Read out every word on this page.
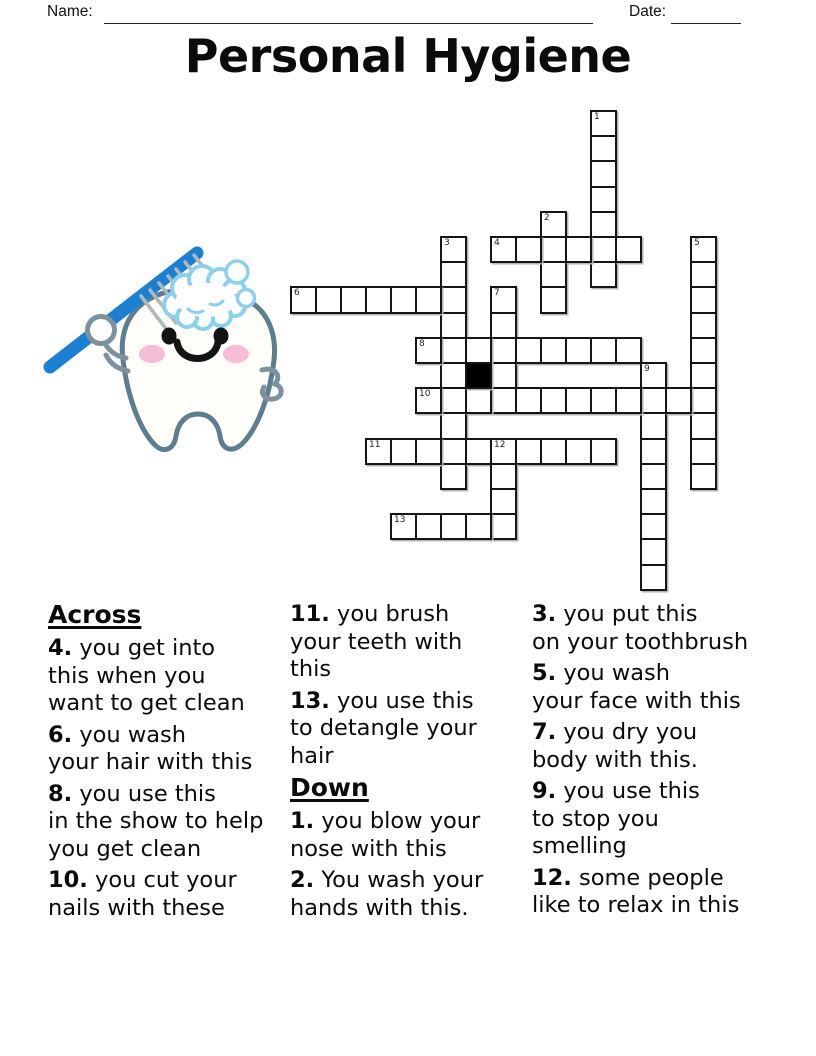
Name:	Date:
Personal Hygiene
1
2
3	4	5
6	7
8
9
10
11	12
13
Across
4. you get into
this when you
want to get clean
6. you wash
your hair with this
8. you use this
in the show to help
you get clean
10. you cut your
nails with these
11. you brush
your teeth with
this
13. you use this
to detangle your
hair
Down
1. you blow your
nose with this
2. You wash your
hands with this.
3. you put this
on your toothbrush
5. you wash
your face with this
7. you dry you
body with this.
9. you use this
to stop you
smelling
12. some people
like to relax in this
